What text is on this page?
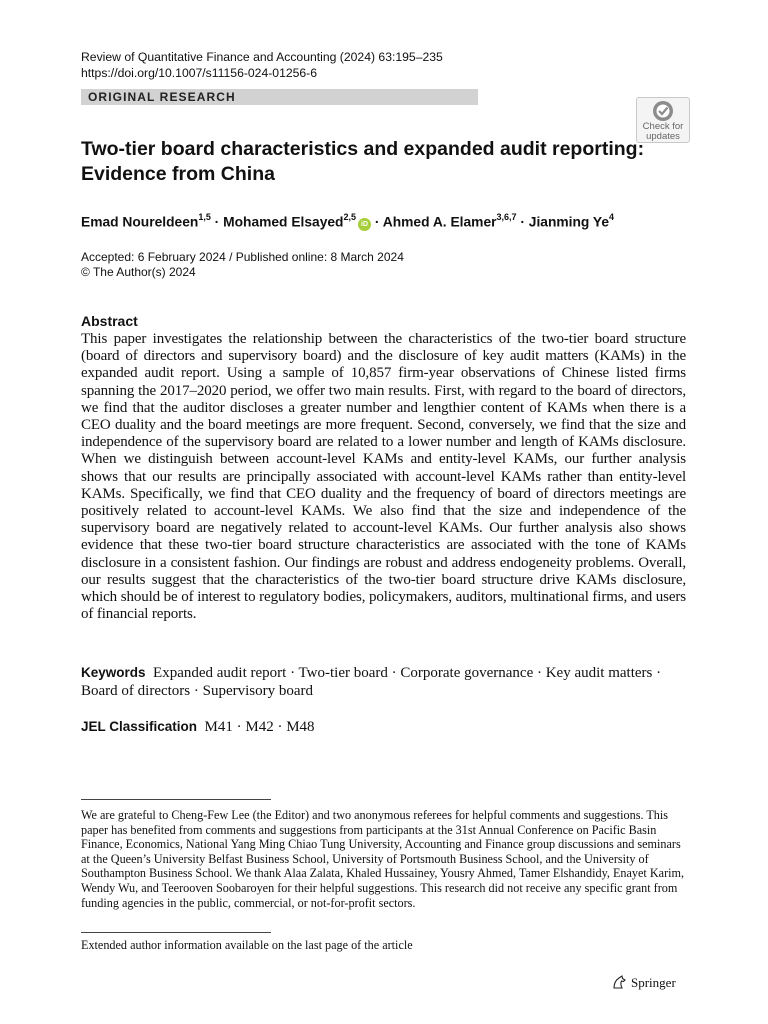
Review of Quantitative Finance and Accounting (2024) 63:195–235
https://doi.org/10.1007/s11156-024-01256-6
ORIGINAL RESEARCH
Check for
updates
Two-tier board characteristics and expanded audit reporting: Evidence from China
Emad Noureldeen$^{1,5}$ · Mohamed Elsayed$^{2,5}$iD · Ahmed A. Elamer$^{3,6,7}$ · Jianming Ye$^4$
Accepted: 6 February 2024 / Published online: 8 March 2024
© The Author(s) 2024
Abstract
This paper investigates the relationship between the characteristics of the two-tier board structure (board of directors and supervisory board) and the disclosure of key audit matters (KAMs) in the expanded audit report. Using a sample of 10,857 firm-year observations of Chinese listed firms spanning the 2017–2020 period, we offer two main results. First, with regard to the board of directors, we find that the auditor discloses a greater number and lengthier content of KAMs when there is a CEO duality and the board meetings are more frequent. Second, conversely, we find that the size and independence of the supervisory board are related to a lower number and length of KAMs disclosure. When we distinguish between account-level KAMs and entity-level KAMs, our further analysis shows that our results are principally associated with account-level KAMs rather than entity-level KAMs. Specifically, we find that CEO duality and the frequency of board of directors meetings are positively related to account-level KAMs. We also find that the size and independence of the supervisory board are negatively related to account-level KAMs. Our further analysis also shows evidence that these two-tier board structure characteristics are associated with the tone of KAMs disclosure in a consistent fashion. Our findings are robust and address endogeneity problems. Overall, our results suggest that the characteristics of the two-tier board structure drive KAMs disclosure, which should be of interest to regulatory bodies, policymakers, auditors, multinational firms, and users of financial reports.
Keywords Expanded audit report · Two-tier board · Corporate governance · Key audit matters · Board of directors · Supervisory board
JEL Classification M41 · M42 · M48
We are grateful to Cheng-Few Lee (the Editor) and two anonymous referees for helpful comments and suggestions. This paper has benefited from comments and suggestions from participants at the 31st Annual Conference on Pacific Basin Finance, Economics, National Yang Ming Chiao Tung University, Accounting and Finance group discussions and seminars at the Queen’s University Belfast Business School, University of Portsmouth Business School, and the University of Southampton Business School. We thank Alaa Zalata, Khaled Hussainey, Yousry Ahmed, Tamer Elshandidy, Enayet Karim, Wendy Wu, and Teerooven Soobaroyen for their helpful suggestions. This research did not receive any specific grant from funding agencies in the public, commercial, or not-for-profit sectors.
Extended author information available on the last page of the article
Springer
